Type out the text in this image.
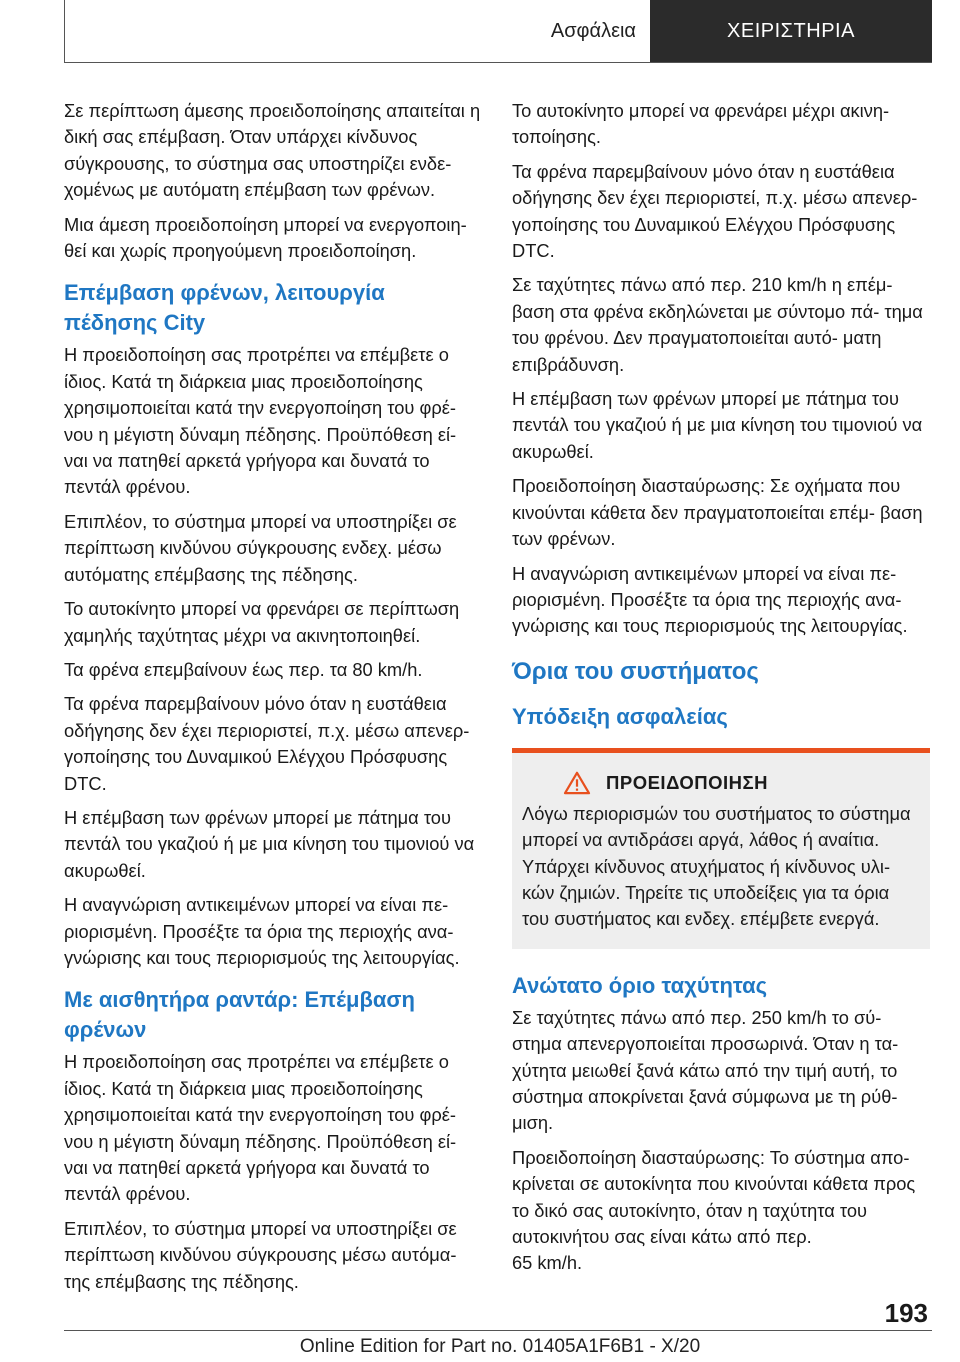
Ασφάλεια	ΧΕΙΡΙΣΤΗΡΙΑ

Σε περίπτωση άμεσης προειδοποίησης απαιτείται η δική σας επέμβαση. Όταν υπάρχει κίνδυνος σύγκρουσης, το σύστημα σας υποστηρίζει ενδε- χομένως με αυτόματη επέμβαση των φρένων.

Μια άμεση προειδοποίηση μπορεί να ενεργοποιη- θεί και χωρίς προηγούμενη προειδοποίηση.

Επέμβαση φρένων, λειτουργία πέδησης City

Η προειδοποίηση σας προτρέπει να επέμβετε ο ίδιος. Κατά τη διάρκεια μιας προειδοποίησης χρησιμοποιείται κατά την ενεργοποίηση του φρέ- νου η μέγιστη δύναμη πέδησης. Προϋπόθεση εί- ναι να πατηθεί αρκετά γρήγορα και δυνατά το πεντάλ φρένου.

Επιπλέον, το σύστημα μπορεί να υποστηρίξει σε περίπτωση κινδύνου σύγκρουσης ενδεχ. μέσω αυτόματης επέμβασης της πέδησης.

Το αυτοκίνητο μπορεί να φρενάρει σε περίπτωση χαμηλής ταχύτητας μέχρι να ακινητοποιηθεί.

Τα φρένα επεμβαίνουν έως περ. τα 80 km/h.

Τα φρένα παρεμβαίνουν μόνο όταν η ευστάθεια οδήγησης δεν έχει περιοριστεί, π.χ. μέσω απενερ- γοποίησης του Δυναμικού Ελέγχου Πρόσφυσης DTC.

Η επέμβαση των φρένων μπορεί με πάτημα του πεντάλ του γκαζιού ή με μια κίνηση του τιμονιού να ακυρωθεί.

Η αναγνώριση αντικειμένων μπορεί να είναι πε- ριορισμένη. Προσέξτε τα όρια της περιοχής ανα- γνώρισης και τους περιορισμούς της λειτουργίας.

Με αισθητήρα ραντάρ: Επέμβαση φρένων

Η προειδοποίηση σας προτρέπει να επέμβετε ο ίδιος. Κατά τη διάρκεια μιας προειδοποίησης χρησιμοποιείται κατά την ενεργοποίηση του φρέ- νου η μέγιστη δύναμη πέδησης. Προϋπόθεση εί- ναι να πατηθεί αρκετά γρήγορα και δυνατά το πεντάλ φρένου.

Επιπλέον, το σύστημα μπορεί να υποστηρίξει σε περίπτωση κινδύνου σύγκρουσης μέσω αυτόμα- της επέμβασης της πέδησης.

Το αυτοκίνητο μπορεί να φρενάρει μέχρι ακινη- τοποίησης.

Τα φρένα παρεμβαίνουν μόνο όταν η ευστάθεια οδήγησης δεν έχει περιοριστεί, π.χ. μέσω απενερ- γοποίησης του Δυναμικού Ελέγχου Πρόσφυσης DTC.

Σε ταχύτητες πάνω από περ. 210 km/h η επέμ- βαση στα φρένα εκδηλώνεται με σύντομο πά- τημα του φρένου. Δεν πραγματοποιείται αυτό- ματη επιβράδυνση.

Η επέμβαση των φρένων μπορεί με πάτημα του πεντάλ του γκαζιού ή με μια κίνηση του τιμονιού να ακυρωθεί.

Προειδοποίηση διασταύρωσης: Σε οχήματα που κινούνται κάθετα δεν πραγματοποιείται επέμ- βαση των φρένων.

Η αναγνώριση αντικειμένων μπορεί να είναι πε- ριορισμένη. Προσέξτε τα όρια της περιοχής ανα- γνώρισης και τους περιορισμούς της λειτουργίας.

Όρια του συστήματος
Υπόδειξη ασφαλείας
ΠΡΟΕΙΔΟΠΟΙΗΣΗ

Λόγω περιορισμών του συστήματος το σύστημα μπορεί να αντιδράσει αργά, λάθος ή αναίτια. Υπάρχει κίνδυνος ατυχήματος ή κίνδυνος υλι- κών ζημιών. Τηρείτε τις υποδείξεις για τα όρια του συστήματος και ενδεχ. επέμβετε ενεργά.

Ανώτατο όριο ταχύτητας

Σε ταχύτητες πάνω από περ. 250 km/h το σύ- στημα απενεργοποιείται προσωρινά. Όταν η τα- χύτητα μειωθεί ξανά κάτω από την τιμή αυτή, το σύστημα αποκρίνεται ξανά σύμφωνα με τη ρύθ- μιση.

Προειδοποίηση διασταύρωσης: Το σύστημα απο- κρίνεται σε αυτοκίνητα που κινούνται κάθετα προς το δικό σας αυτοκίνητο, όταν η ταχύτητα του αυτοκινήτου σας είναι κάτω από περ.

65 km/h.

193
Online Edition for Part no. 01405A1F6B1 - X/20
